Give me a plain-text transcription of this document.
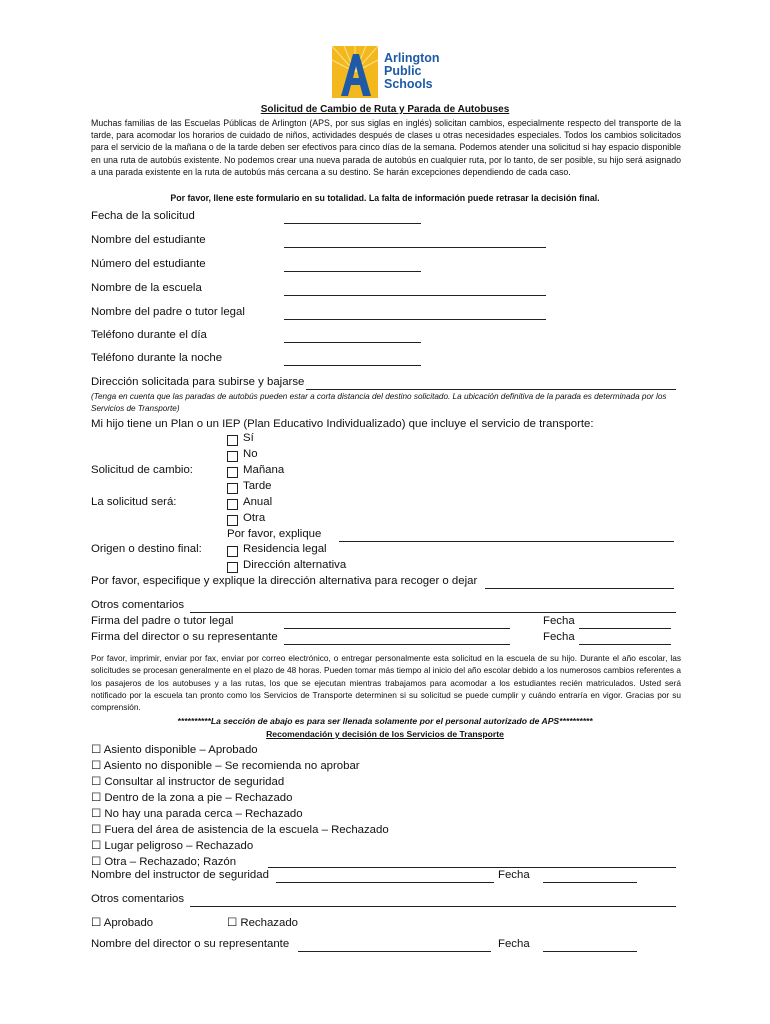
Arlington
Public
Schools
Solicitud de Cambio de Ruta y Parada de Autobuses
Muchas familias de las Escuelas Públicas de Arlington (APS, por sus siglas en inglés) solicitan cambios, especialmente respecto del transporte de la tarde, para acomodar los horarios de cuidado de niños, actividades después de clases u otras necesidades especiales. Todos los cambios solicitados para el servicio de la mañana o de la tarde deben ser efectivos para cinco días de la semana. Podemos atender una solicitud si hay espacio disponible en una ruta de autobús existente. No podemos crear una nueva parada de autobús en cualquier ruta, por lo tanto, de ser posible, su hijo será asignado a una parada existente en la ruta de autobús más cercana a su destino. Se harán excepciones dependiendo de cada caso.
Por favor, llene este formulario en su totalidad. La falta de información puede retrasar la decisión final.
Fecha de la solicitud
Nombre del estudiante
Número del estudiante
Nombre de la escuela
Nombre del padre o tutor legal
Teléfono durante el día
Teléfono durante la noche
Dirección solicitada para subirse y bajarse
(Tenga en cuenta que las paradas de autobús pueden estar a corta distancia del destino solicitado. La ubicación definitiva de la parada es determinada por los Servicios de Transporte)
Mi hijo tiene un Plan o un IEP (Plan Educativo Individualizado) que incluye el servicio de transporte:
Sí
No
Solicitud de cambio:	Mañana
Tarde
La solicitud será:	Anual
Otra
Por favor, explique
Origen o destino final:	Residencia legal
Dirección alternativa
Por favor, especifique y explique la dirección alternativa para recoger o dejar
Otros comentarios
Firma del padre o tutor legal	Fecha
Firma del director o su representante	Fecha
Por favor, imprimir, enviar por fax, enviar por correo electrónico, o entregar personalmente esta solicitud en la escuela de su hijo. Durante el año escolar, las solicitudes se procesan generalmente en el plazo de 48 horas. Pueden tomar más tiempo al inicio del año escolar debido a los numerosos cambios referentes a los pasajeros de los autobuses y a las rutas, los que se ejecutan mientras trabajamos para acomodar a los estudiantes recién matriculados. Usted será notificado por la escuela tan pronto como los Servicios de Transporte determinen si su solicitud se puede cumplir y cuándo entraría en vigor. Gracias por su comprensión.
**********La sección de abajo es para ser llenada solamente por el personal autorizado de APS**********
Recomendación y decisión de los Servicios de Transporte
☐ Asiento disponible – Aprobado
☐ Asiento no disponible – Se recomienda no aprobar
☐ Consultar al instructor de seguridad
☐ Dentro de la zona a pie – Rechazado
☐ No hay una parada cerca – Rechazado
☐ Fuera del área de asistencia de la escuela – Rechazado
☐ Lugar peligroso – Rechazado
☐ Otra – Rechazado; Razón
Nombre del instructor de seguridad	Fecha
Otros comentarios
☐ Aprobado	☐ Rechazado
Nombre del director o su representante	Fecha
